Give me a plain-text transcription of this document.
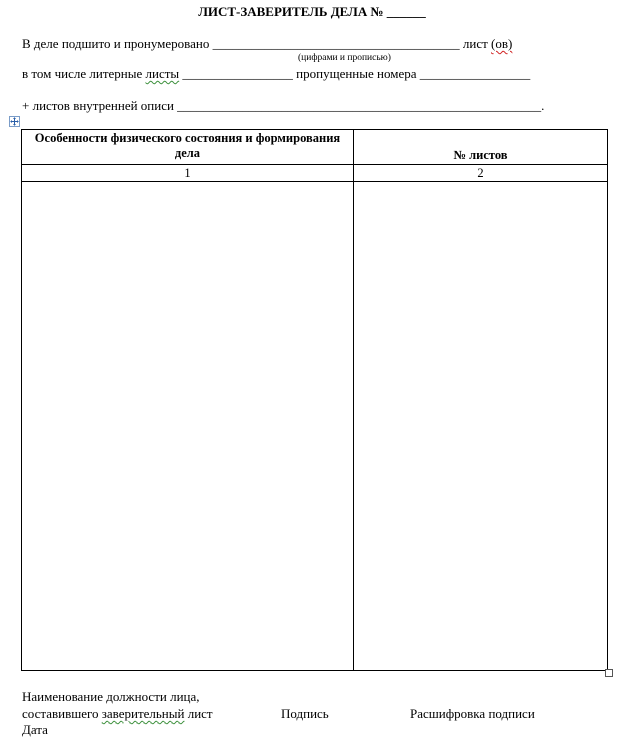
ЛИСТ-ЗАВЕРИТЕЛЬ ДЕЛА № ______
В деле подшито и пронумеровано ______________________________________ лист (ов)
(цифрами и прописью)
в том числе литерные листы _________________ пропущенные номера _________________
+ листов внутренней описи ________________________________________________________.
Особенности физического состояния и формирования дела	№ листов
1	2

Наименование должности лица,
составившего заверительный лист	Подпись	Расшифровка подписи
Дата
